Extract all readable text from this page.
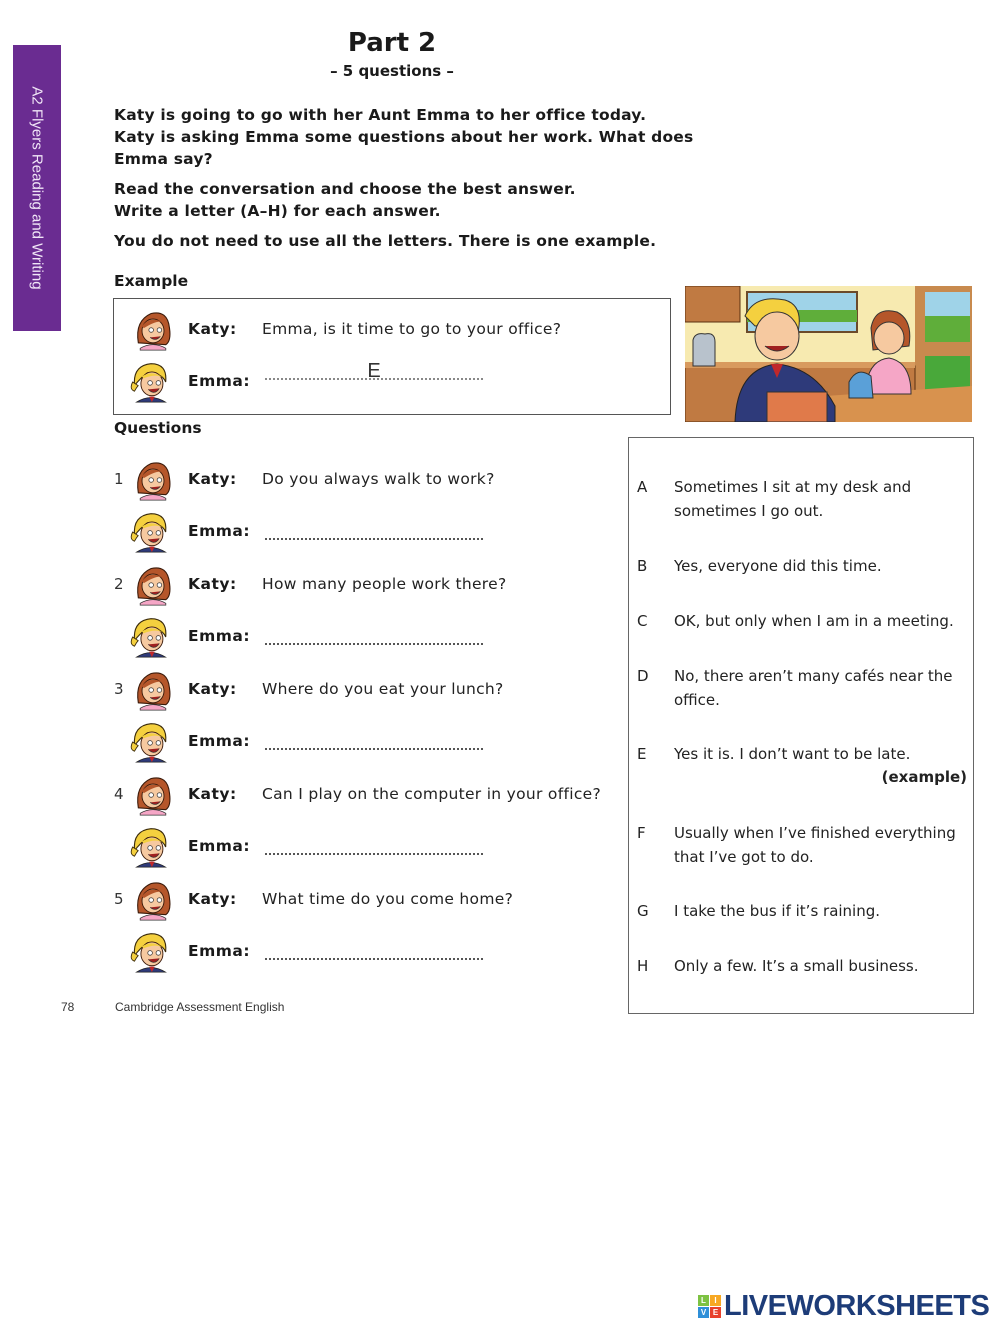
A2 Flyers Reading and Writing
Part 2
– 5 questions –
Katy is going to go with her Aunt Emma to her office today.
Katy is asking Emma some questions about her work. What does
Emma say?
Read the conversation and choose the best answer.
Write a letter (A–H) for each answer.
You do not need to use all the letters. There is one example.
Example
Katy: Emma, is it time to go to your office?
Emma:	E
Questions
1	Katy: Do you always walk to work?
Emma:
2	Katy: How many people work there?
Emma:
3	Katy: Where do you eat your lunch?
Emma:
4	Katy: Can I play on the computer in your office?
Emma:
5	Katy: What time do you come home?
Emma:
A Sometimes I sit at my desk and sometimes I go out.
B Yes, everyone did this time.
C OK, but only when I am in a meeting.
D No, there aren’t many cafés near the office.
E Yes it is. I don’t want to be late.
(example)
F Usually when I’ve finished everything that I’ve got to do.
G I take the bus if it’s raining.
H Only a few. It’s a small business.
78	Cambridge Assessment English
L	I
V E LIVEWORKSHEETS
